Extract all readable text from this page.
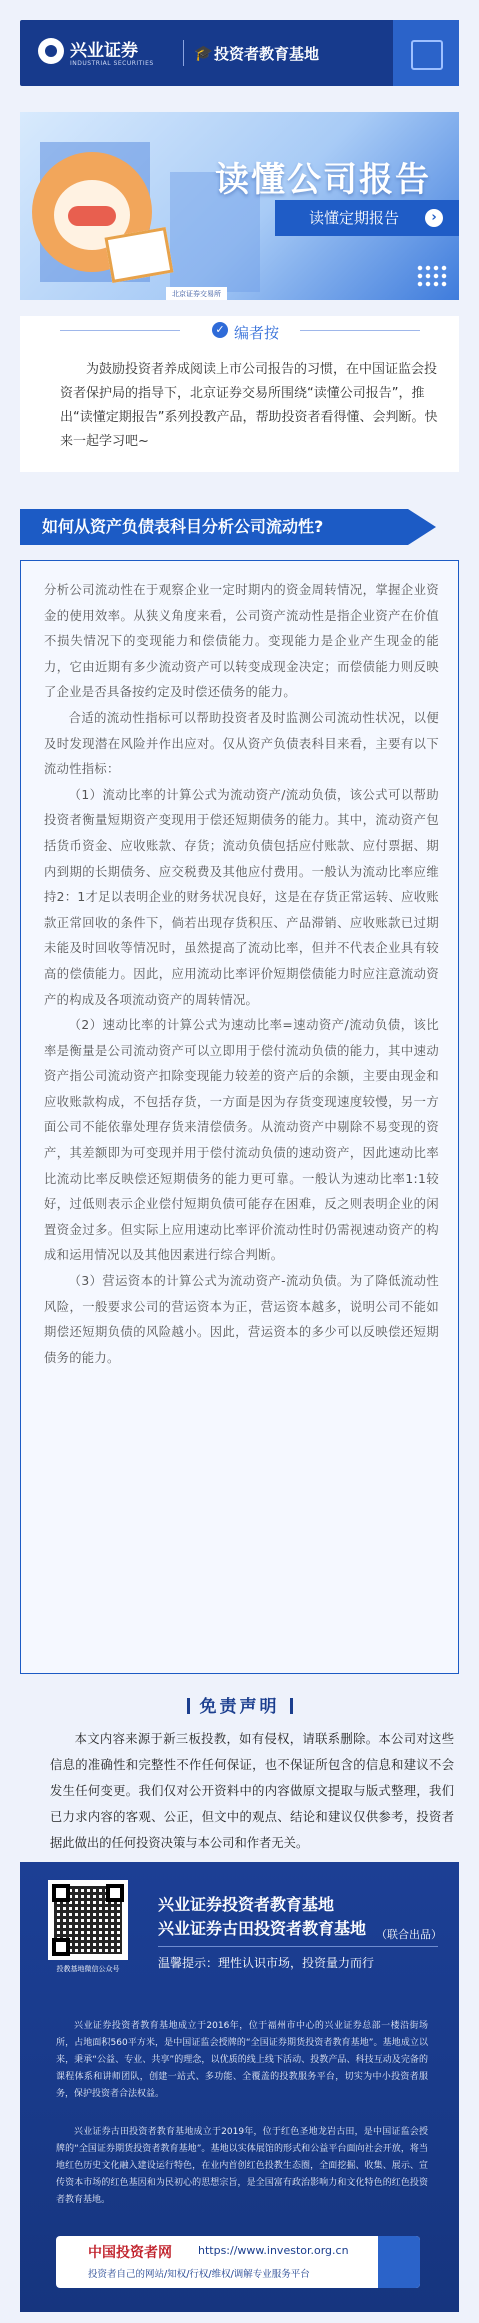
兴业证券
INDUSTRIAL SECURITIES
🎓 投资者教育基地
北京证券交易所
读懂公司报告
读懂定期报告	›
✓ 编者按
为鼓励投资者养成阅读上市公司报告的习惯，在中国证监会投资者保护局的指导下，北京证券交易所围绕“读懂公司报告”，推出“读懂定期报告”系列投教产品，帮助投资者看得懂、会判断。快来一起学习吧~
如何从资产负债表科目分析公司流动性?

分析公司流动性在于观察企业一定时期内的资金周转情况，掌握企业资金的使用效率。从狭义角度来看，公司资产流动性是指企业资产在价值不损失情况下的变现能力和偿债能力。变现能力是企业产生现金的能力，它由近期有多少流动资产可以转变成现金决定；而偿债能力则反映了企业是否具备按约定及时偿还债务的能力。

合适的流动性指标可以帮助投资者及时监测公司流动性状况，以便及时发现潜在风险并作出应对。仅从资产负债表科目来看，主要有以下流动性指标：

（1）流动比率的计算公式为流动资产/流动负债，该公式可以帮助投资者衡量短期资产变现用于偿还短期债务的能力。其中，流动资产包括货币资金、应收账款、存货；流动负债包括应付账款、应付票据、期内到期的长期债务、应交税费及其他应付费用。一般认为流动比率应维持2：1才足以表明企业的财务状况良好，这是在存货正常运转、应收账款正常回收的条件下，倘若出现存货积压、产品滞销、应收账款已过期未能及时回收等情况时，虽然提高了流动比率，但并不代表企业具有较高的偿债能力。因此，应用流动比率评价短期偿债能力时应注意流动资产的构成及各项流动资产的周转情况。

（2）速动比率的计算公式为速动比率=速动资产/流动负债，该比率是衡量是公司流动资产可以立即用于偿付流动负债的能力，其中速动资产指公司流动资产扣除变现能力较差的资产后的余额，主要由现金和应收账款构成，不包括存货，一方面是因为存货变现速度较慢，另一方面公司不能依靠处理存货来清偿债务。从流动资产中剔除不易变现的资产，其差额即为可变现并用于偿付流动负债的速动资产，因此速动比率比流动比率反映偿还短期债务的能力更可靠。一般认为速动比率1:1较好，过低则表示企业偿付短期负债可能存在困难，反之则表明企业的闲置资金过多。但实际上应用速动比率评价流动性时仍需视速动资产的构成和运用情况以及其他因素进行综合判断。

（3）营运资本的计算公式为流动资产-流动负债。为了降低流动性风险，一般要求公司的营运资本为正，营运资本越多，说明公司不能如期偿还短期负债的风险越小。因此，营运资本的多少可以反映偿还短期债务的能力。

免责声明
本文内容来源于新三板投教，如有侵权，请联系删除。本公司对这些信息的准确性和完整性不作任何保证，也不保证所包含的信息和建议不会发生任何变更。我们仅对公开资料中的内容做原文提取与版式整理，我们已力求内容的客观、公正，但文中的观点、结论和建议仅供参考，投资者据此做出的任何投资决策与本公司和作者无关。
投教基地微信公众号
兴业证券投资者教育基地
兴业证券古田投资者教育基地 （联合出品）
温馨提示：理性认识市场，投资量力而行
兴业证券投资者教育基地成立于2016年，位于福州市中心的兴业证券总部一楼沿街场所，占地面积560平方米，是中国证监会授牌的“全国证券期货投资者教育基地”。基地成立以来，秉承“公益、专业、共享”的理念，以优质的线上线下活动、投教产品、科技互动及完备的课程体系和讲师团队，创建一站式、多功能、全覆盖的投教服务平台，切实为中小投资者服务，保护投资者合法权益。
兴业证券古田投资者教育基地成立于2019年，位于红色圣地龙岩古田，是中国证监会授牌的“全国证券期货投资者教育基地”。基地以实体展馆的形式和公益平台面向社会开放，将当地红色历史文化融入建设运行特色，在业内首创红色投教生态圈，全面挖掘、收集、展示、宣传资本市场的红色基因和为民初心的思想宗旨，是全国富有政治影响力和文化特色的红色投资者教育基地。
中国投资者网 https://www.investor.org.cn
投资者自己的网站/知权/行权/维权/调解专业服务平台
